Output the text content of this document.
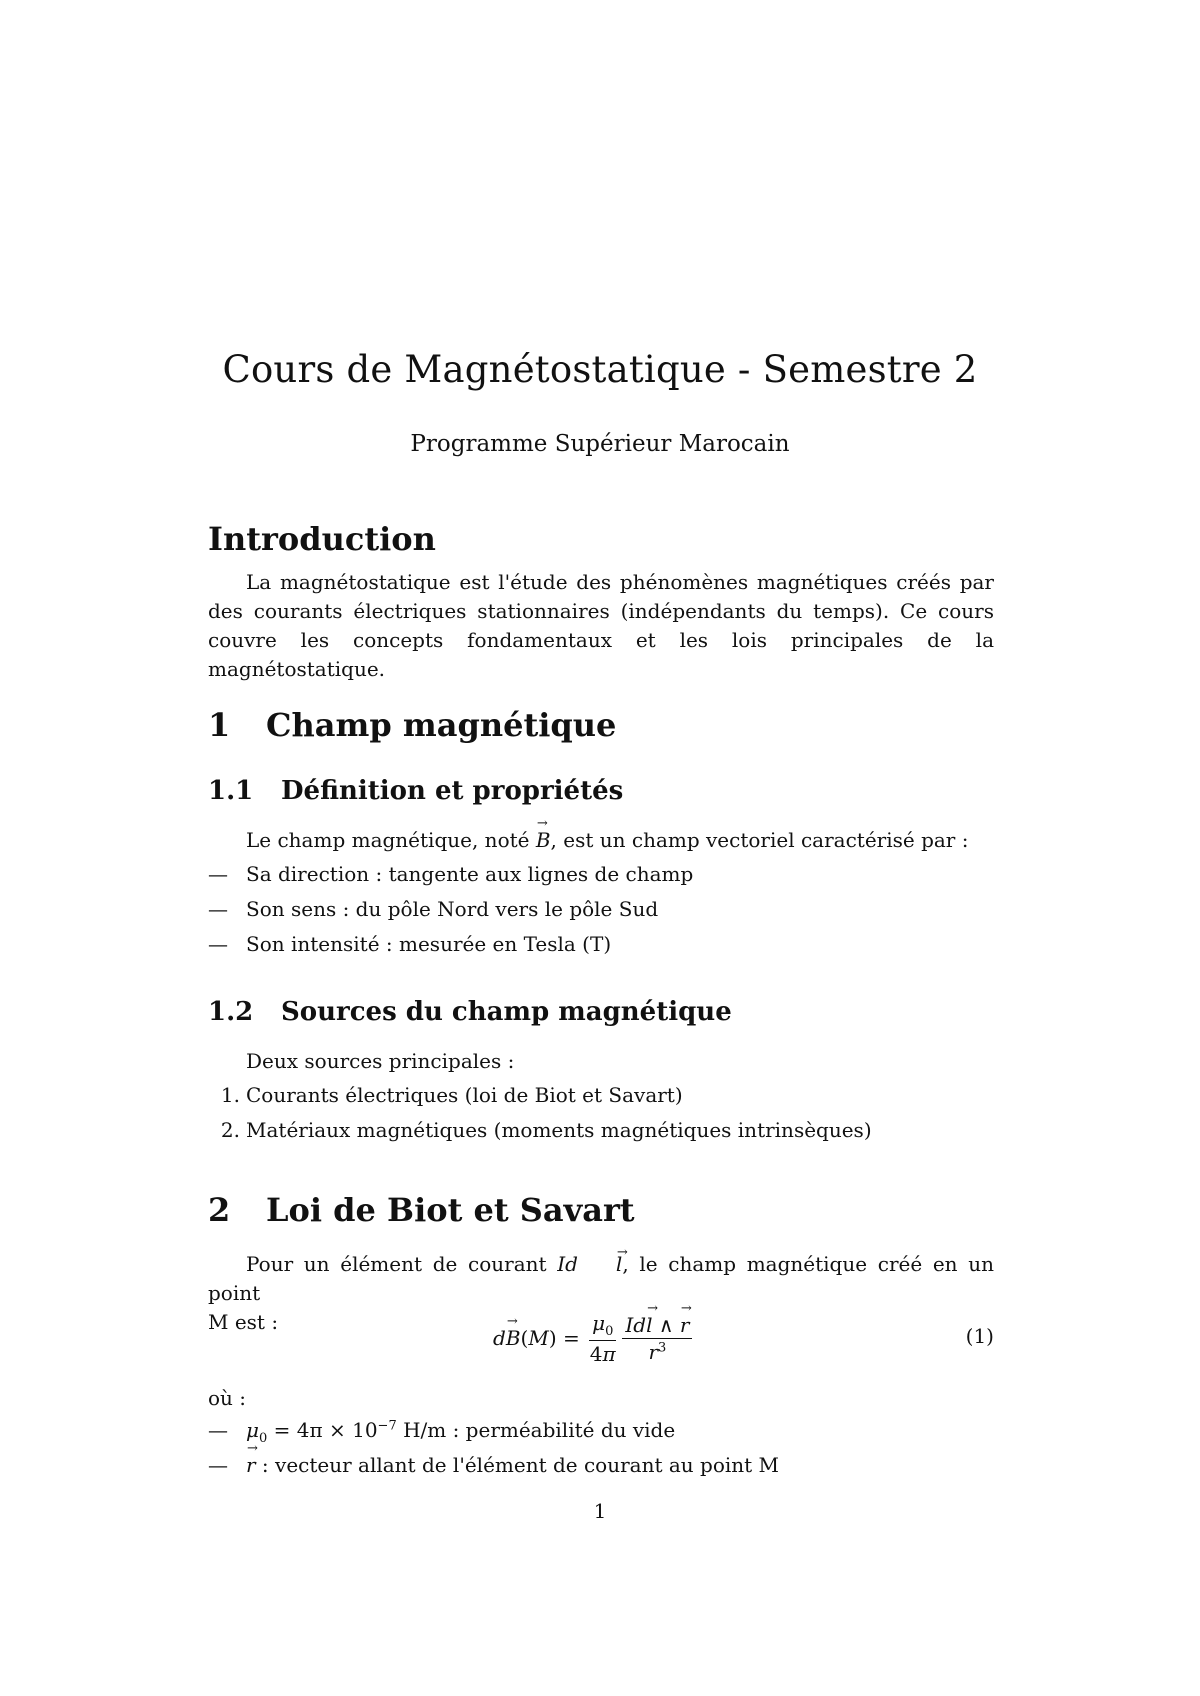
Cours de Magnétostatique - Semestre 2
Programme Supérieur Marocain
Introduction

La magnétostatique est l'étude des phénomènes magnétiques créés par des courants électriques stationnaires (indépendants du temps). Ce cours couvre les concepts fondamentaux et les lois principales de la magnétostatique.

1 Champ magnétique
1.1 Définition et propriétés
Le champ magnétique, noté → B, est un champ vectoriel caractérisé par :
— Sa direction : tangente aux lignes de champ
— Son sens : du pôle Nord vers le pôle Sud
— Son intensité : mesurée en Tesla (T)
1.2 Sources du champ magnétique
Deux sources principales :
1. Courants électriques (loi de Biot et Savart)
2. Matériaux magnétiques (moments magnétiques intrinsèques)
2 Loi de Biot et Savart
Pour un élément de courant Id → l, le champ magnétique créé en un point
M est :
d → B ( M ) = $\frac{\mu_0}{4\pi} \frac{Id\to l \wedge \to r}{r^3}$	(1)
où :
— $\mu_0 = 4\pi \times 10^{-7}$ H/m : perméabilité du vide
— → r : vecteur allant de l'élément de courant au point M
1
